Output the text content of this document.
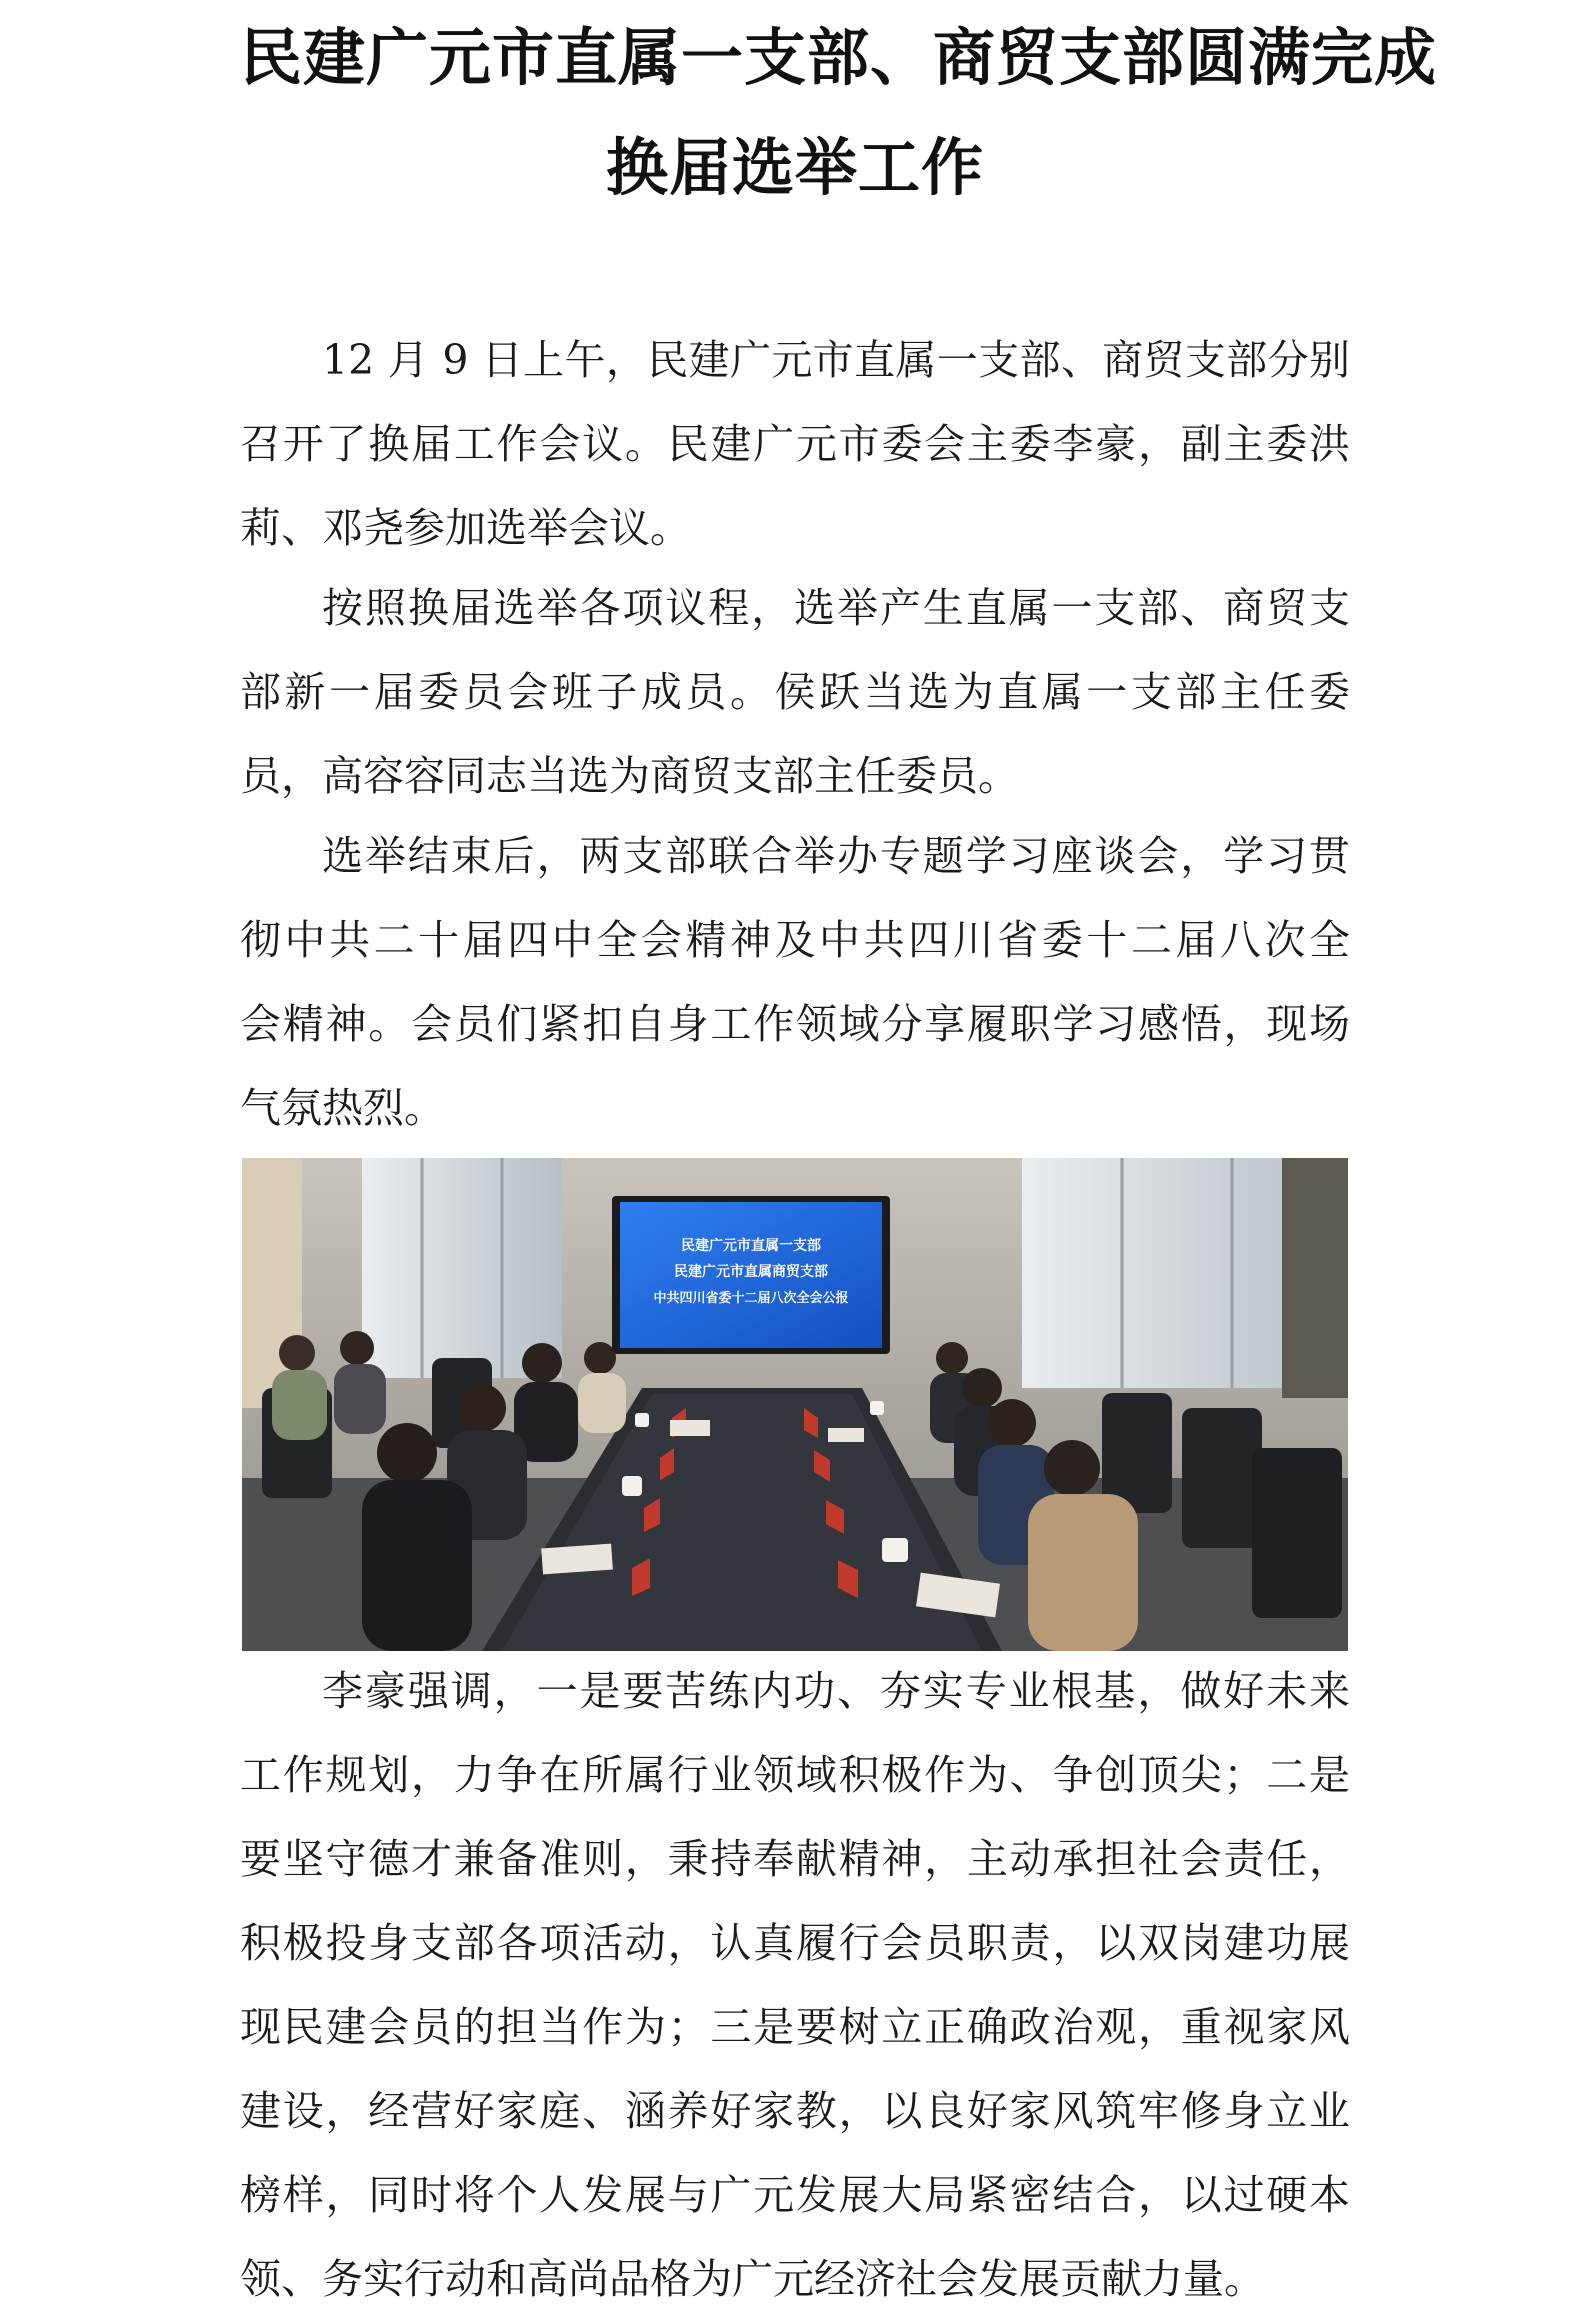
民建广元市直属一支部、商贸支部圆满完成
换届选举工作
12 月 9 日上午，民建广元市直属一支部、商贸支部分别
召开了换届工作会议。民建广元市委会主委李豪，副主委洪
莉、邓尧参加选举会议。
按照换届选举各项议程，选举产生直属一支部、商贸支
部新一届委员会班子成员。侯跃当选为直属一支部主任委
员，高容容同志当选为商贸支部主任委员。
选举结束后，两支部联合举办专题学习座谈会，学习贯
彻中共二十届四中全会精神及中共四川省委十二届八次全
会精神。会员们紧扣自身工作领域分享履职学习感悟，现场
气氛热烈。
民建广元市直属一支部
民建广元市直属商贸支部
中共四川省委十二届八次全会公报
李豪强调，一是要苦练内功、夯实专业根基，做好未来
工作规划，力争在所属行业领域积极作为、争创顶尖；二是
要坚守德才兼备准则，秉持奉献精神，主动承担社会责任，
积极投身支部各项活动，认真履行会员职责，以双岗建功展
现民建会员的担当作为；三是要树立正确政治观，重视家风
建设，经营好家庭、涵养好家教，以良好家风筑牢修身立业
榜样，同时将个人发展与广元发展大局紧密结合，以过硬本
领、务实行动和高尚品格为广元经济社会发展贡献力量。
